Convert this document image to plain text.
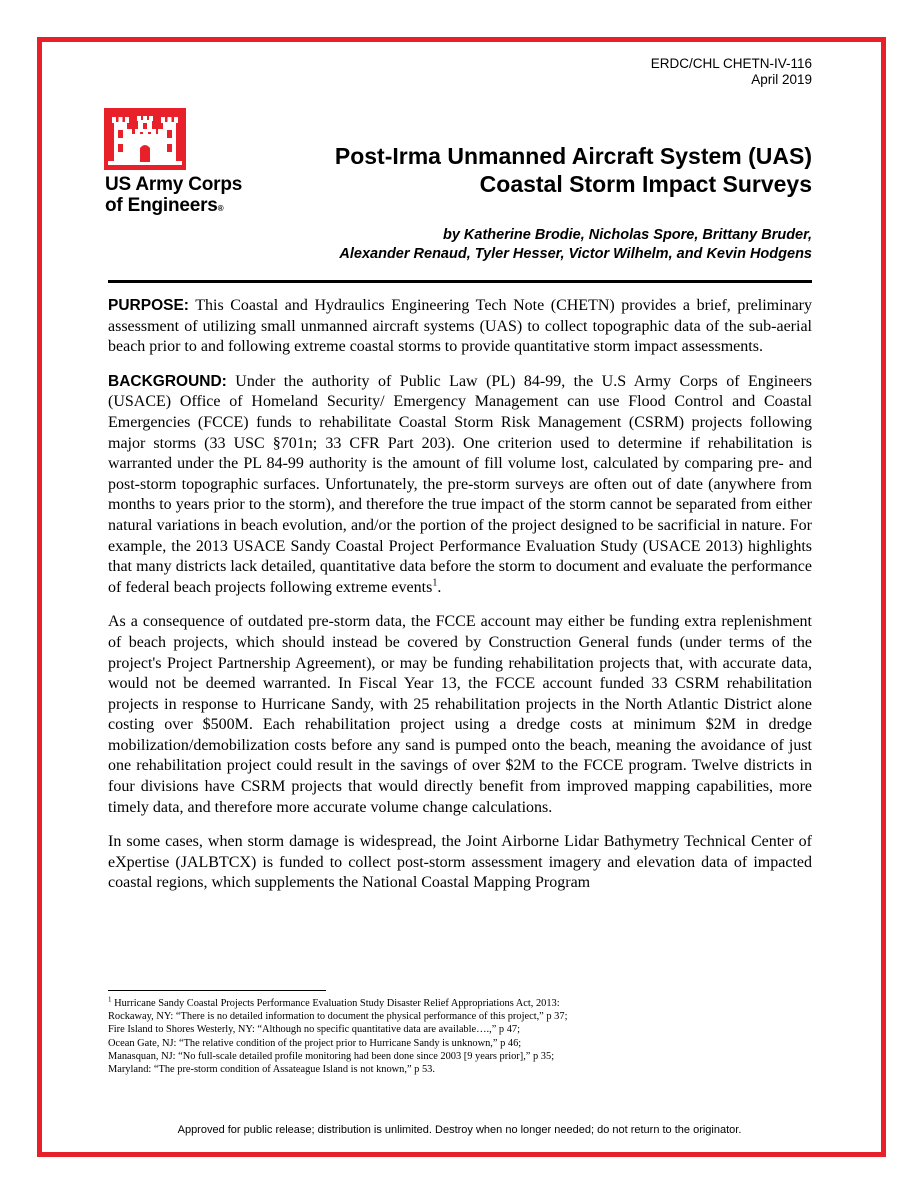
ERDC/CHL CHETN-IV-116
April 2019
US Army Corps
of Engineers®
Post-Irma Unmanned Aircraft System (UAS)
Coastal Storm Impact Surveys
by Katherine Brodie, Nicholas Spore, Brittany Bruder,
Alexander Renaud, Tyler Hesser, Victor Wilhelm, and Kevin Hodgens

PURPOSE: This Coastal and Hydraulics Engineering Tech Note (CHETN) provides a brief, preliminary assessment of utilizing small unmanned aircraft systems (UAS) to collect topographic data of the sub-aerial beach prior to and following extreme coastal storms to provide quantitative storm impact assessments.

BACKGROUND: Under the authority of Public Law (PL) 84-99, the U.S Army Corps of Engineers (USACE) Office of Homeland Security/ Emergency Management can use Flood Control and Coastal Emergencies (FCCE) funds to rehabilitate Coastal Storm Risk Management (CSRM) projects following major storms (33 USC §701n; 33 CFR Part 203). One criterion used to determine if rehabilitation is warranted under the PL 84-99 authority is the amount of fill volume lost, calculated by comparing pre- and post-storm topographic surfaces. Unfortunately, the pre-storm surveys are often out of date (anywhere from months to years prior to the storm), and therefore the true impact of the storm cannot be separated from either natural variations in beach evolution, and/or the portion of the project designed to be sacrificial in nature. For example, the 2013 USACE Sandy Coastal Project Performance Evaluation Study (USACE 2013) highlights that many districts lack detailed, quantitative data before the storm to document and evaluate the performance of federal beach projects following extreme events$^1$.

As a consequence of outdated pre-storm data, the FCCE account may either be funding extra replenishment of beach projects, which should instead be covered by Construction General funds (under terms of the project's Project Partnership Agreement), or may be funding rehabilitation projects that, with accurate data, would not be deemed warranted. In Fiscal Year 13, the FCCE account funded 33 CSRM rehabilitation projects in response to Hurricane Sandy, with 25 rehabilitation projects in the North Atlantic District alone costing over $500M. Each rehabilitation project using a dredge costs at minimum $2M in dredge mobilization/demobilization costs before any sand is pumped onto the beach, meaning the avoidance of just one rehabilitation project could result in the savings of over $2M to the FCCE program. Twelve districts in four divisions have CSRM projects that would directly benefit from improved mapping capabilities, more timely data, and therefore more accurate volume change calculations.

In some cases, when storm damage is widespread, the Joint Airborne Lidar Bathymetry Technical Center of eXpertise (JALBTCX) is funded to collect post-storm assessment imagery and elevation data of impacted coastal regions, which supplements the National Coastal Mapping Program

$^1$ Hurricane Sandy Coastal Projects Performance Evaluation Study Disaster Relief Appropriations Act, 2013:
Rockaway, NY: “There is no detailed information to document the physical performance of this project,” p 37;
Fire Island to Shores Westerly, NY: “Although no specific quantitative data are available….,” p 47;
Ocean Gate, NJ: “The relative condition of the project prior to Hurricane Sandy is unknown,” p 46;
Manasquan, NJ: “No full-scale detailed profile monitoring had been done since 2003 [9 years prior],” p 35;
Maryland: “The pre-storm condition of Assateague Island is not known,” p 53.
Approved for public release; distribution is unlimited. Destroy when no longer needed; do not return to the originator.
